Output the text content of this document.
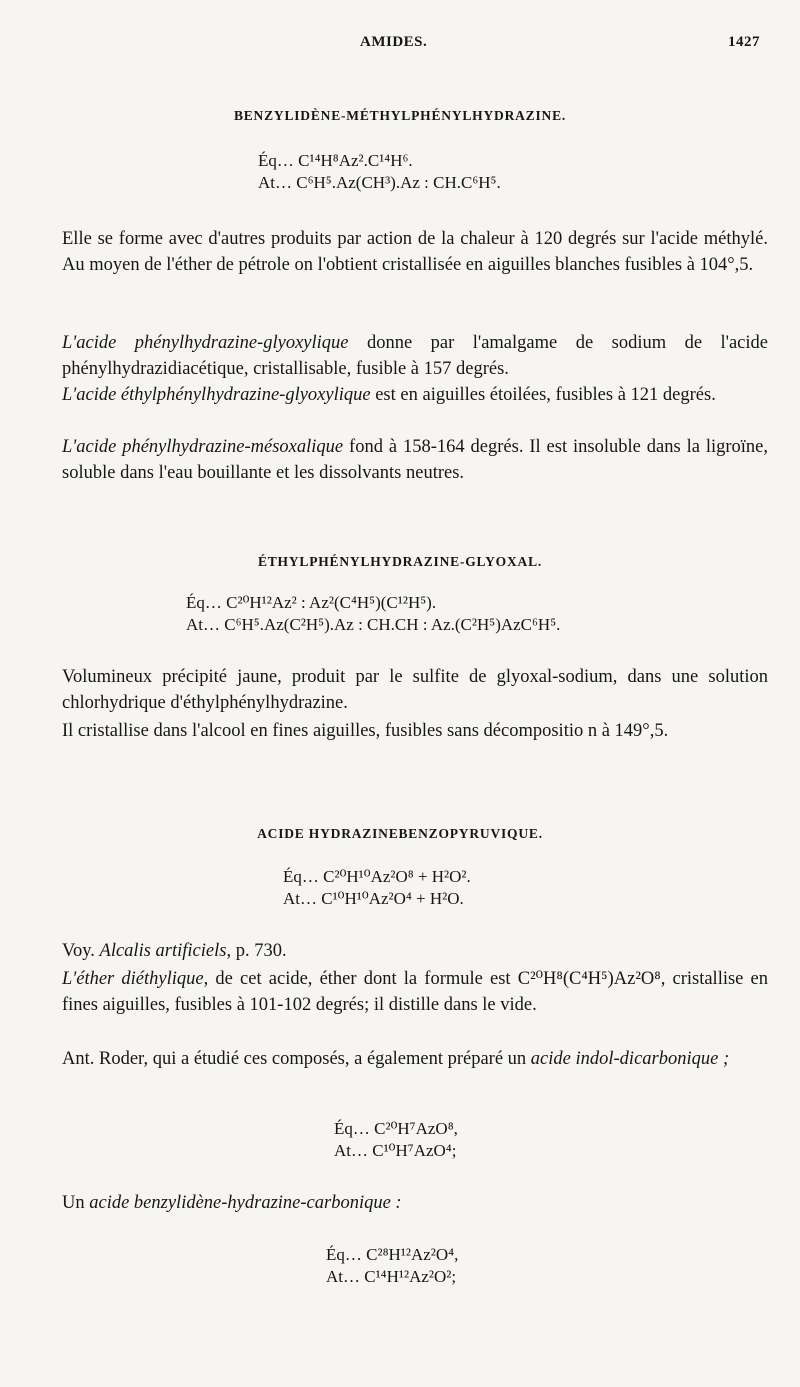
AMIDES.	1427
BENZYLIDÈNE-MÉTHYLPHÉNYLHYDRAZINE.
Éq… C¹⁴H⁸Az².C¹⁴H⁶.
At… C⁶H⁵.Az(CH³).Az : CH.C⁶H⁵.
Elle se forme avec d'autres produits par action de la chaleur à 120 degrés sur l'acide méthylé. Au moyen de l'éther de pétrole on l'obtient cristallisée en aiguilles blanches fusibles à 104°,5.
L'acide phénylhydrazine-glyoxylique donne par l'amalgame de sodium de l'acide phénylhydrazidiacétique, cristallisable, fusible à 157 degrés.
L'acide éthylphénylhydrazine-glyoxylique est en aiguilles étoilées, fusibles à 121 degrés.
L'acide phénylhydrazine-mésoxalique fond à 158-164 degrés. Il est insoluble dans la ligroïne, soluble dans l'eau bouillante et les dissolvants neutres.
ÉTHYLPHÉNYLHYDRAZINE-GLYOXAL.
Éq… C²⁰H¹²Az² : Az²(C⁴H⁵)(C¹²H⁵).
At… C⁶H⁵.Az(C²H⁵).Az : CH.CH : Az.(C²H⁵)AzC⁶H⁵.
Volumineux précipité jaune, produit par le sulfite de glyoxal-sodium, dans une solution chlorhydrique d'éthylphénylhydrazine.
Il cristallise dans l'alcool en fines aiguilles, fusibles sans décompositio n à 149°,5.
ACIDE HYDRAZINEBENZOPYRUVIQUE.
Éq… C²⁰H¹⁰Az²O⁸ + H²O².
At… C¹⁰H¹⁰Az²O⁴ + H²O.
Voy. Alcalis artificiels, p. 730.
L'éther diéthylique, de cet acide, éther dont la formule est C²⁰H⁸(C⁴H⁵)Az²O⁸, cristallise en fines aiguilles, fusibles à 101-102 degrés; il distille dans le vide.
Ant. Roder, qui a étudié ces composés, a également préparé un acide indol-dicarbonique ;
Éq… C²⁰H⁷AzO⁸,
At… C¹⁰H⁷AzO⁴;
Un acide benzylidène-hydrazine-carbonique :
Éq… C²⁸H¹²Az²O⁴,
At… C¹⁴H¹²Az²O²;
